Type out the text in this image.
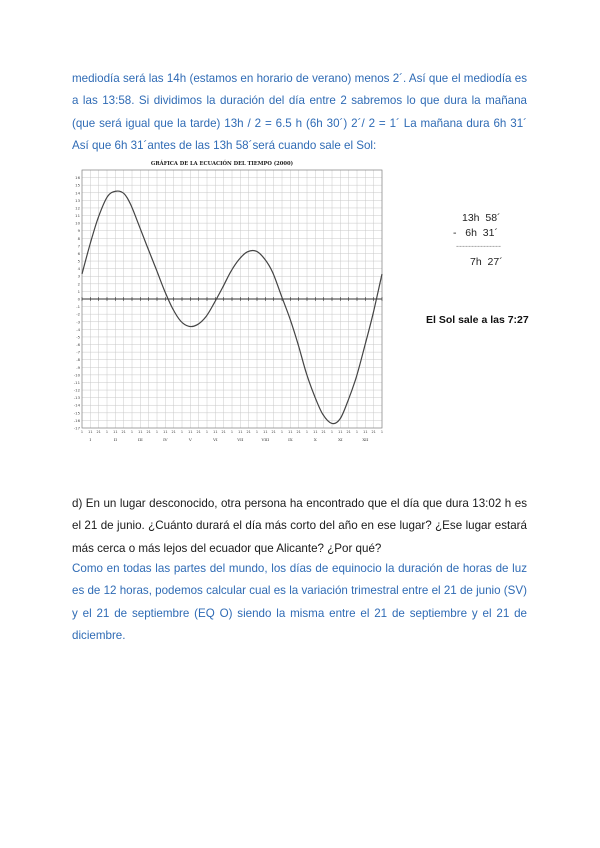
mediodía será las 14h (estamos en horario de verano) menos 2´. Así que el mediodía es a las 13:58. Si dividimos la duración del día entre 2 sabremos lo que dura la mañana (que será igual que la tarde) 13h / 2 = 6.5 h (6h 30´) 2´/ 2 = 1´ La mañana dura 6h 31´ Así que 6h 31´antes de las 13h 58´será cuando sale el Sol:

GRÁFICA DE LA ECUACIÓN DEL TIEMPO (2000)
16
15
14
13
12
11
10
9
8
7
6
5
4
3
2
1
0
-1
-2
-3
-4
-5
-6
-7
-8
-9
-10
-11
-12
-13
-14
-15
-16
-17
1 11 21 1 11 21 1 11 21 1 11 21 1 11 21 1 11 21 1 11 21 1 11 21 1 11 21 1 11 21 1 11 21 1 11 21 1
I	II	III	IV	V	VI	VII	VIII	IX	X	XI	XII
13h  58´
-   6h  31´
---------------
7h  27´
El Sol sale a las 7:27

d) En un lugar desconocido, otra persona ha encontrado que el día que dura 13:02 h es el 21 de junio. ¿Cuánto durará el día más corto del año en ese lugar? ¿Ese lugar estará más cerca o más lejos del ecuador que Alicante? ¿Por qué?

Como en todas las partes del mundo, los días de equinocio la duración de horas de luz es de 12 horas, podemos calcular cual es la variación trimestral entre el 21 de junio (SV) y el 21 de septiembre (EQ O) siendo la misma entre el 21 de septiembre y el 21 de diciembre.
